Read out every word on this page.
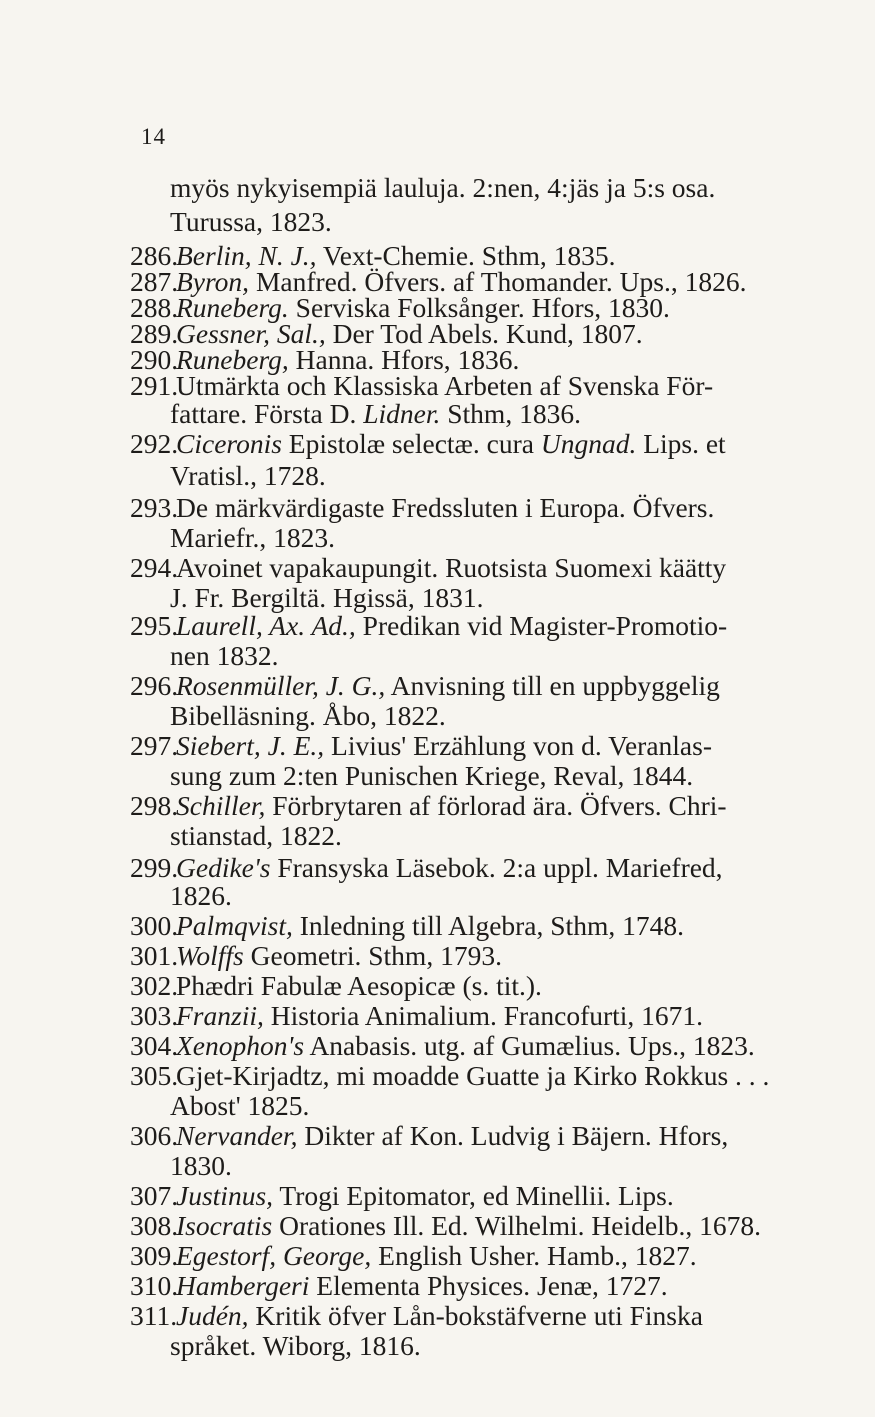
14
myös nykyisempiä lauluja. 2:nen, 4:jäs ja 5:s osa.
Turussa, 1823.
286.
Berlin, N. J., Vext-Chemie. Sthm, 1835.
287.
Byron, Manfred. Öfvers. af Thomander. Ups., 1826.
288.
Runeberg. Serviska Folksånger. Hfors, 1830.
289.
Gessner, Sal., Der Tod Abels. Kund, 1807.
290.
Runeberg, Hanna. Hfors, 1836.
291.
Utmärkta och Klassiska Arbeten af Svenska För-
fattare. Första D. Lidner. Sthm, 1836.
292.
Ciceronis Epistolæ selectæ. cura Ungnad. Lips. et
Vratisl., 1728.
293.
De märkvärdigaste Fredssluten i Europa. Öfvers.
Mariefr., 1823.
294.
Avoinet vapakaupungit. Ruotsista Suomexi käätty
J. Fr. Bergiltä. Hgissä, 1831.
295.
Laurell, Ax. Ad., Predikan vid Magister-Promotio-
nen 1832.
296.
Rosenmüller, J. G., Anvisning till en uppbyggelig
Bibelläsning. Åbo, 1822.
297.
Siebert, J. E., Livius' Erzählung von d. Veranlas-
sung zum 2:ten Punischen Kriege, Reval, 1844.
298.
Schiller, Förbrytaren af förlorad ära. Öfvers. Chri-
stianstad, 1822.
299.
Gedike's Fransyska Läsebok. 2:a uppl. Mariefred,
1826.
300.
Palmqvist, Inledning till Algebra, Sthm, 1748.
301.
Wolffs Geometri. Sthm, 1793.
302.
Phædri Fabulæ Aesopicæ (s. tit.).
303.
Franzii, Historia Animalium. Francofurti, 1671.
304.
Xenophon's Anabasis. utg. af Gumælius. Ups., 1823.
305.
Gjet-Kirjadtz, mi moadde Guatte ja Kirko Rokkus . . .
Abost' 1825.
306.
Nervander, Dikter af Kon. Ludvig i Bäjern. Hfors,
1830.
307.
Justinus, Trogi Epitomator, ed Minellii. Lips.
308.
Isocratis Orationes Ill. Ed. Wilhelmi. Heidelb., 1678.
309.
Egestorf, George, English Usher. Hamb., 1827.
310.
Hambergeri Elementa Physices. Jenæ, 1727.
311.
Judén, Kritik öfver Lån-bokstäfverne uti Finska
språket. Wiborg, 1816.
